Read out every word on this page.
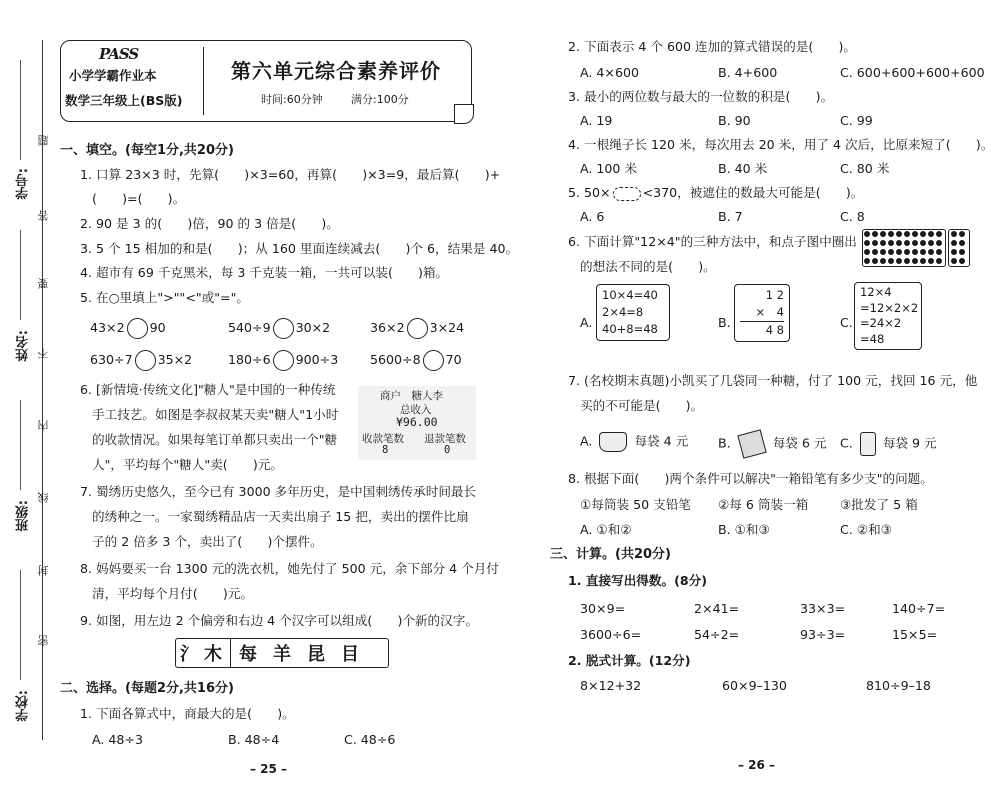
学号:
姓名:
班级:
学校:
题
答
要
不
内
线
封
密
PASS
小学学霸作业本
数学三年级上(BS版)
第六单元综合素养评价
时间:60分钟	满分:100分
一、填空。(每空1分,共20分)
1. 口算 23×3 时，先算(　　)×3=60，再算(　　)×3=9，最后算(　　)+
(　　)=(　　)。
2. 90 是 3 的(　　)倍，90 的 3 倍是(　　)。
3. 5 个 15 相加的和是(　　)；从 160 里面连续减去(　　)个 6，结果是 40。
4. 超市有 69 千克黑米，每 3 千克装一箱，一共可以装(　　)箱。
5. 在○里填上">""<"或"="。
43×2 90	540÷9 30×2	36×2 3×24
630÷7 35×2	180÷6 900÷3	5600÷8 70
6. [新情境·传统文化]"糖人"是中国的一种传统
手工技艺。如图是李叔叔某天卖"糖人"1小时
的收款情况。如果每笔订单都只卖出一个"糖
人"，平均每个"糖人"卖(　　)元。
商户　糖人李
总收入
¥96.00
收款笔数 退款笔数
8	0
7. 蜀绣历史悠久，至今已有 3000 多年历史，是中国刺绣传承时间最长
的绣种之一。一家蜀绣精品店一天卖出扇子 15 把，卖出的摆件比扇
子的 2 倍多 3 个，卖出了(　　)个摆件。
8. 妈妈要买一台 1300 元的洗衣机，她先付了 500 元，余下部分 4 个月付
清，平均每个月付(　　)元。
9. 如图，用左边 2 个偏旁和右边 4 个汉字可以组成(　　)个新的汉字。
氵 木 每 羊 昆 目
二、选择。(每题2分,共16分)
1. 下面各算式中，商最大的是(　　)。
A. 48÷3	B. 48÷4	C. 48÷6
– 25 –
2. 下面表示 4 个 600 连加的算式错误的是(　　)。
A. 4×600	B. 4+600	C. 600+600+600+600
3. 最小的两位数与最大的一位数的积是(　　)。
A. 19	B. 90	C. 99
4. 一根绳子长 120 米，每次用去 20 米，用了 4 次后，比原来短了(　　)。
A. 100 米	B. 40 米	C. 80 米
5. 50×	<370，被遮住的数最大可能是(　　)。
A. 6	B. 7	C. 8
6. 下面计算"12×4"的三种方法中，和点子图中圈出
的想法不同的是(　　)。
A.
10×4=40
2×4=8
40+8=48	B.
1 2
×　4
4 8	C.
12×4
=12×2×2
=24×2
=48
7. (名校期末真题)小凯买了几袋同一种糖，付了 100 元，找回 16 元，他
买的不可能是(　　)。
A.	每袋 4 元 B.	每袋 6 元 C. 每袋 9 元
8. 根据下面(　　)两个条件可以解决"一箱铅笔有多少支"的问题。
①每筒装 50 支铅笔 ②每 6 筒装一箱	③批发了 5 箱
A. ①和②	B. ①和③	C. ②和③
三、计算。(共20分)
1. 直接写出得数。(8分)
30×9=	2×41=	33×3=	140÷7=
3600÷6=	54÷2=	93÷3=	15×5=
2. 脱式计算。(12分)
8×12+32	60×9–130	810÷9–18
– 26 –
